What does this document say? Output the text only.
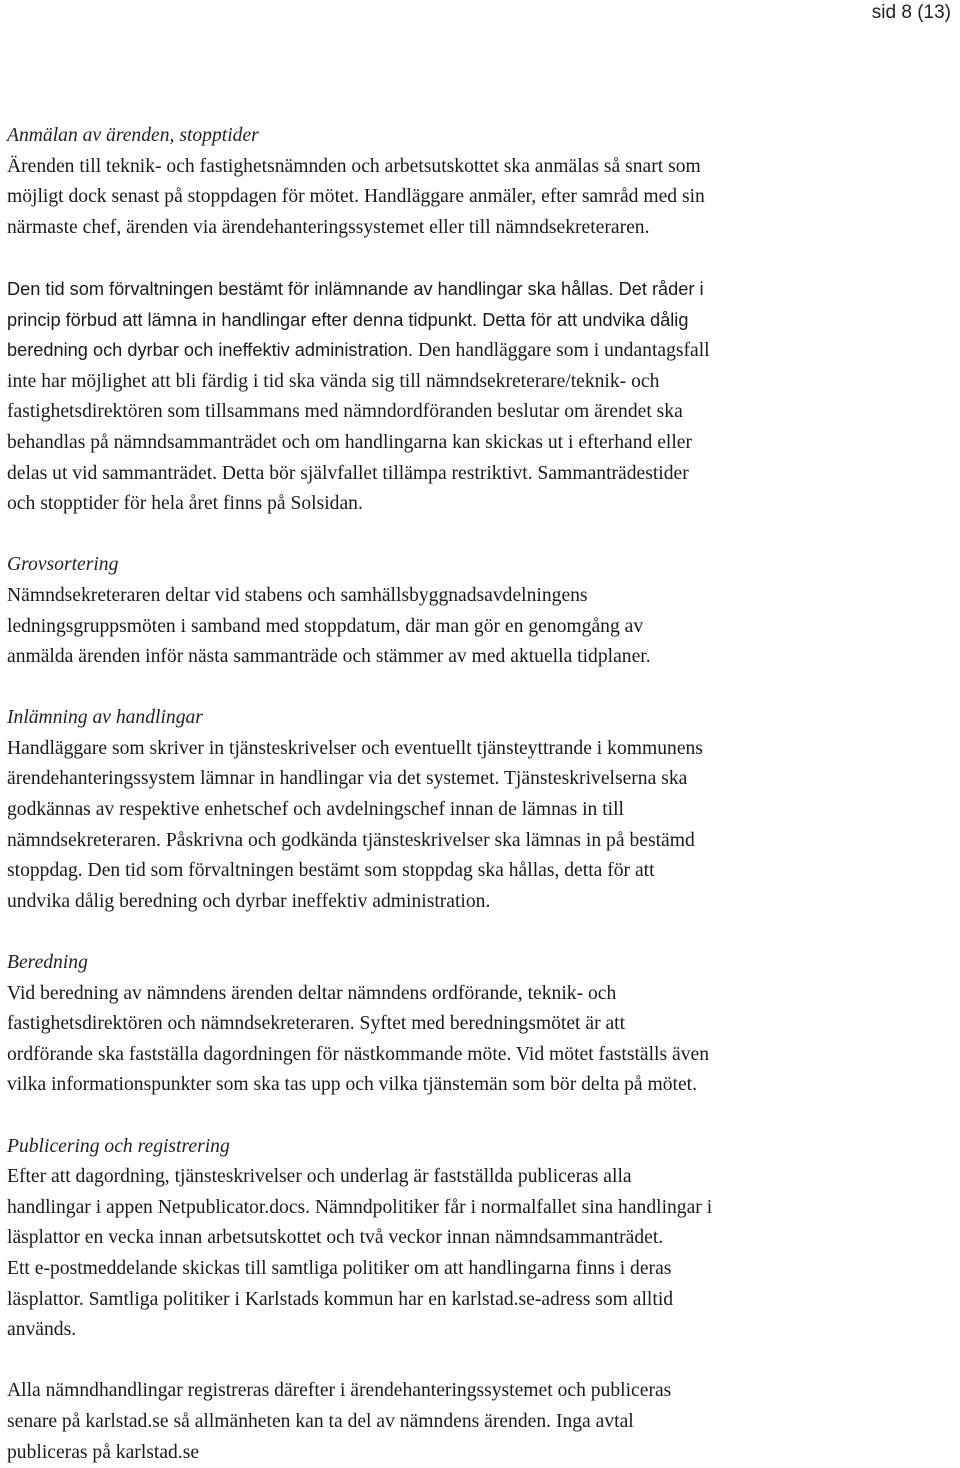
sid 8 (13)
Anmälan av ärenden, stopptider
Ärenden till teknik- och fastighetsnämnden och arbetsutskottet ska anmälas så snart som
möjligt dock senast på stoppdagen för mötet. Handläggare anmäler, efter samråd med sin
närmaste chef, ärenden via ärendehanteringssystemet eller till nämndsekreteraren.
Den tid som förvaltningen bestämt för inlämnande av handlingar ska hållas. Det råder i
princip förbud att lämna in handlingar efter denna tidpunkt. Detta för att undvika dålig
beredning och dyrbar och ineffektiv administration. Den handläggare som i undantagsfall
inte har möjlighet att bli färdig i tid ska vända sig till nämndsekreterare/teknik- och
fastighetsdirektören som tillsammans med nämndordföranden beslutar om ärendet ska
behandlas på nämndsammanträdet och om handlingarna kan skickas ut i efterhand eller
delas ut vid sammanträdet. Detta bör självfallet tillämpa restriktivt. Sammanträdestider
och stopptider för hela året finns på Solsidan.
Grovsortering
Nämndsekreteraren deltar vid stabens och samhällsbyggnadsavdelningens
ledningsgruppsmöten i samband med stoppdatum, där man gör en genomgång av
anmälda ärenden inför nästa sammanträde och stämmer av med aktuella tidplaner.
Inlämning av handlingar
Handläggare som skriver in tjänsteskrivelser och eventuellt tjänsteyttrande i kommunens
ärendehanteringssystem lämnar in handlingar via det systemet. Tjänsteskrivelserna ska
godkännas av respektive enhetschef och avdelningschef innan de lämnas in till
nämndsekreteraren. Påskrivna och godkända tjänsteskrivelser ska lämnas in på bestämd
stoppdag. Den tid som förvaltningen bestämt som stoppdag ska hållas, detta för att
undvika dålig beredning och dyrbar ineffektiv administration.
Beredning
Vid beredning av nämndens ärenden deltar nämndens ordförande, teknik- och
fastighetsdirektören och nämndsekreteraren. Syftet med beredningsmötet är att
ordförande ska fastställa dagordningen för nästkommande möte. Vid mötet fastställs även
vilka informationspunkter som ska tas upp och vilka tjänstemän som bör delta på mötet.
Publicering och registrering
Efter att dagordning, tjänsteskrivelser och underlag är fastställda publiceras alla
handlingar i appen Netpublicator.docs. Nämndpolitiker får i normalfallet sina handlingar i
läsplattor en vecka innan arbetsutskottet och två veckor innan nämndsammanträdet.
Ett e-postmeddelande skickas till samtliga politiker om att handlingarna finns i deras
läsplattor. Samtliga politiker i Karlstads kommun har en karlstad.se-adress som alltid
används.
Alla nämndhandlingar registreras därefter i ärendehanteringssystemet och publiceras
senare på karlstad.se så allmänheten kan ta del av nämndens ärenden. Inga avtal
publiceras på karlstad.se
